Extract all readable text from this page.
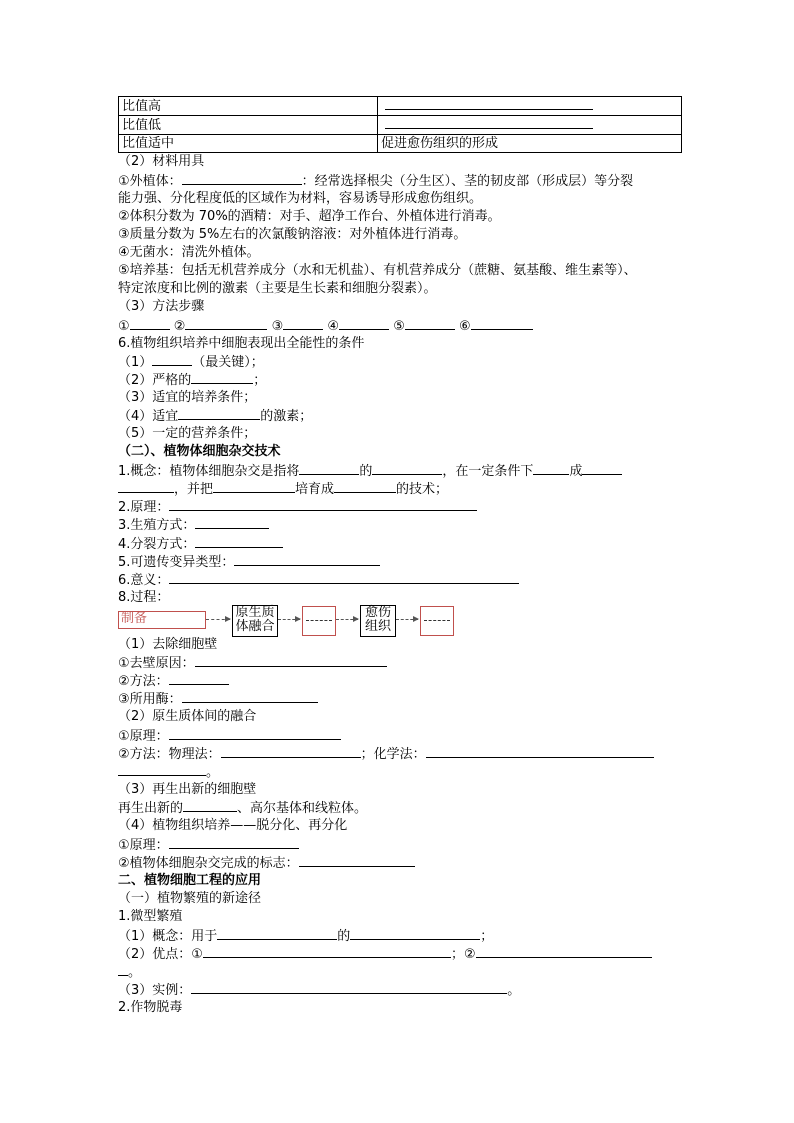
比值高	
比值低	
比值适中	促进愈伤组织的形成
（2）材料用具
①外植体：	：经常选择根尖（分生区）、茎的韧皮部（形成层）等分裂
能力强、分化程度低的区域作为材料，容易诱导形成愈伤组织。
②体积分数为 70%的酒精：对手、超净工作台、外植体进行消毒。
③质量分数为 5%左右的次氯酸钠溶液：对外植体进行消毒。
④无菌水：清洗外植体。
⑤培养基：包括无机营养成分（水和无机盐）、有机营养成分（蔗糖、氨基酸、维生素等）、
特定浓度和比例的激素（主要是生长素和细胞分裂素）。
（3）方法步骤
①	②	③	④	⑤	⑥
6.植物组织培养中细胞表现出全能性的条件
（1）	（最关键）；
（2）严格的	；
（3）适宜的培养条件；
（4）适宜	的激素；
（5）一定的营养条件；
（二）、植物体细胞杂交技术
1.概念：植物体细胞杂交是指将	的	，在一定条件下	成
，并把	培育成	的技术；
2.原理：
3.生殖方式：
4.分裂方式：
5.可遗传变异类型：
6.意义：
8.过程：
制备	原生质
体融合
愈伤
组织
（1）去除细胞壁
①去壁原因：
②方法：
③所用酶：
（2）原生质体间的融合
①原理：
②方法：物理法：	；化学法：
。
（3）再生出新的细胞壁
再生出新的	、高尔基体和线粒体。
（4）植物组织培养——脱分化、再分化
①原理：
②植物体细胞杂交完成的标志：
二、植物细胞工程的应用
（一）植物繁殖的新途径
1.微型繁殖
（1）概念：用于	的	；
（2）优点：①	；②
。
（3）实例：	。
2.作物脱毒
